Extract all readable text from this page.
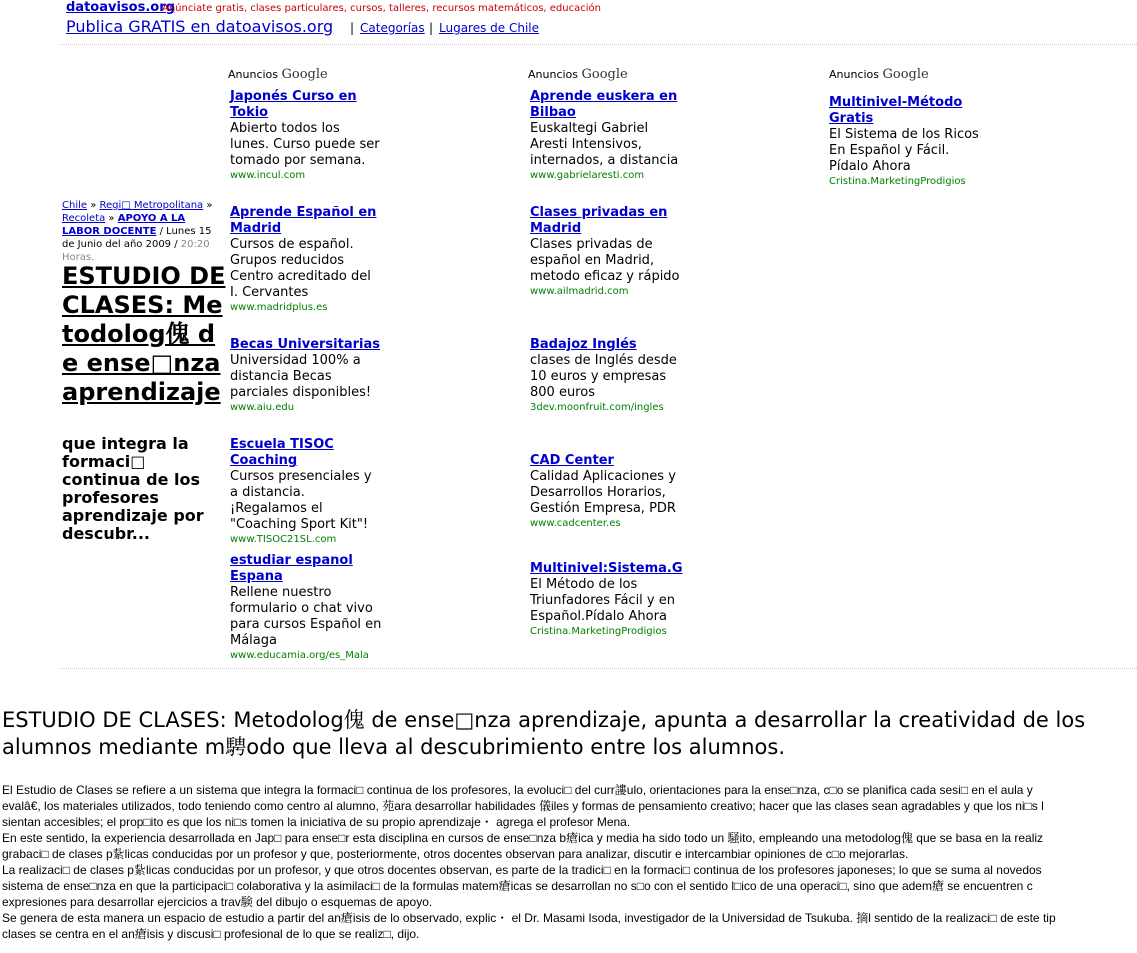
datoavisos.org
Anúnciate gratis, clases particulares, cursos, talleres, recursos matemáticos, educación
Publica GRATIS en datoavisos.org | Categorías | Lugares de Chile
Chile » Regi□ Metropolitana » Recoleta » APOYO A LA LABOR DOCENTE / Lunes 15 de Junio del año 2009 / 20:20 Horas.
ESTUDIO DE CLASES: Metodolog傀 de ense□nza aprendizaje
que integra la formaci□ continua de los profesores aprendizaje por descubr...
Anuncios Google	Anuncios Google	Anuncios Google
Japonés Curso en Tokio
Abierto todos los lunes. Curso puede ser tomado por semana.
www.incul.com
Aprende Español en Madrid
Cursos de español. Grupos reducidos Centro acreditado del I. Cervantes
www.madridplus.es
Becas Universitarias
Universidad 100% a distancia Becas parciales disponibles!
www.aiu.edu
Escuela TISOC Coaching
Cursos presenciales y a distancia. ¡Regalamos el "Coaching Sport Kit"!
www.TISOC21SL.com
estudiar espanol Espana
Rellene nuestro formulario o chat vivo para cursos Español en Málaga
www.educamia.org/es_Mala
Aprende euskera en Bilbao
Euskaltegi Gabriel Aresti Intensivos, internados, a distancia
www.gabrielaresti.com
Clases privadas en Madrid
Clases privadas de español en Madrid, metodo eficaz y rápido
www.ailmadrid.com
Badajoz Inglés
clases de Inglés desde 10 euros y empresas 800 euros
3dev.moonfruit.com/ingles
CAD Center
Calidad Aplicaciones y Desarrollos Horarios, Gestión Empresa, PDR
www.cadcenter.es
Multinivel:Sistema.G
El Método de los Triunfadores Fácil y en Español.Pídalo Ahora
Cristina.MarketingProdigios
Multinivel-Método Gratis
El Sistema de los Ricos En Español y Fácil. Pídalo Ahora
Cristina.MarketingProdigios
ESTUDIO DE CLASES: Metodolog傀 de ense□nza aprendizaje, apunta a desarrollar la creatividad de los
alumnos mediante m騁odo que lleva al descubrimiento entre los alumnos.
El Estudio de Clases se refiere a un sistema que integra la formaci□ continua de los profesores, la evoluci□ del curr謱ulo, orientaciones para la ense□nza, c□o se planifica cada sesi□ en el aula y
evalâ€, los materiales utilizados, todo teniendo como centro al alumno, 苑ara desarrollar habilidades 儀iles y formas de pensamiento creativo; hacer que las clases sean agradables y que los ni□s l
sientan accesibles; el prop□ito es que los ni□s tomen la iniciativa de su propio aprendizaje・ agrega el profesor Mena.
En este sentido, la experiencia desarrollada en Jap□ para ense□r esta disciplina en cursos de ense□nza b瘡ica y media ha sido todo un 騒ito, empleando una metodolog傀 que se basa en la realiz
grabaci□ de clases p紥licas conducidas por un profesor y que, posteriormente, otros docentes observan para analizar, discutir e intercambiar opiniones de c□o mejorarlas.
La realizaci□ de clases p紥licas conducidas por un profesor, y que otros docentes observan, es parte de la tradici□ en la formaci□ continua de los profesores japoneses; lo que se suma al novedos
sistema de ense□nza en que la participaci□ colaborativa y la asimilaci□ de la formulas matem瘡icas se desarrollan no s□o con el sentido l□ico de una operaci□, sino que adem瘡 se encuentren c
expresiones para desarrollar ejercicios a trav験 del dibujo o esquemas de apoyo.
Se genera de esta manera un espacio de estudio a partir del an瘡isis de lo observado, explic・ el Dr. Masami Isoda, investigador de la Universidad de Tsukuba. 摘l sentido de la realizaci□ de este tip
clases se centra en el an瘡isis y discusi□ profesional de lo que se realiz□, dijo.
